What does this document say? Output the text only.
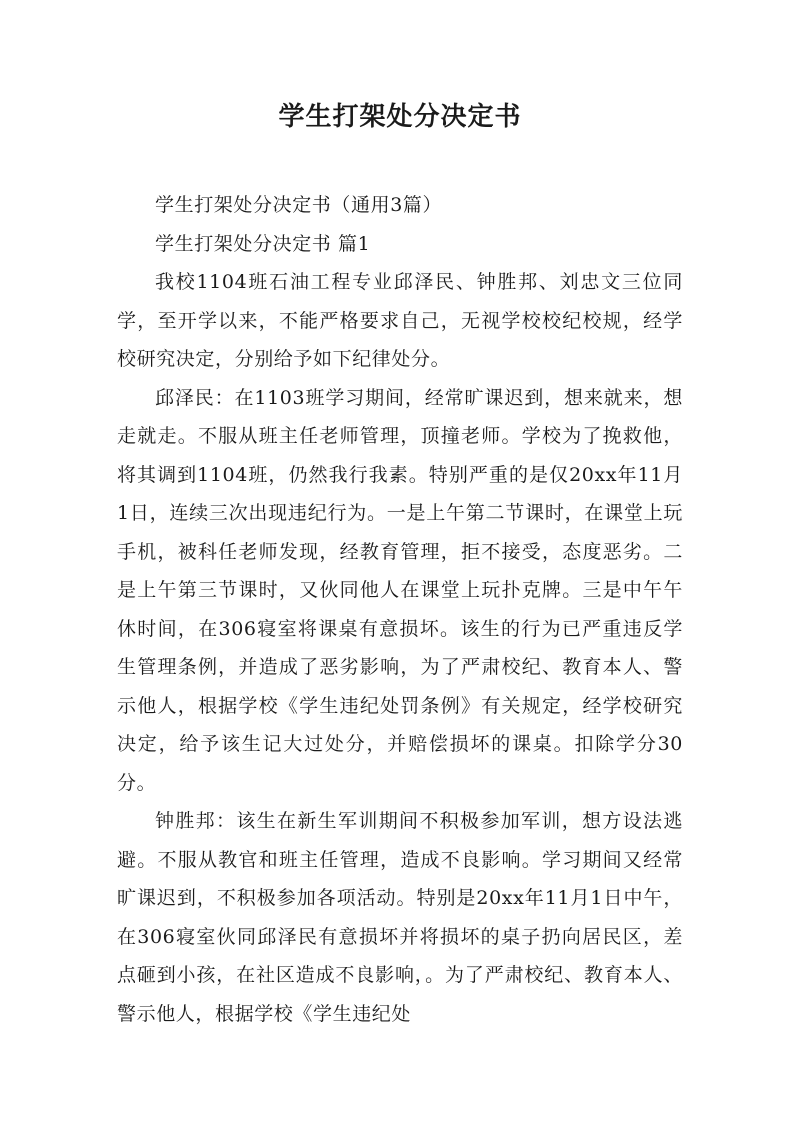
学生打架处分决定书

学生打架处分决定书（通用3篇）

学生打架处分决定书 篇1

我校1104班石油工程专业邱泽民、钟胜邦、刘忠文三位同学，至开学以来，不能严格要求自己，无视学校校纪校规，经学校研究决定，分别给予如下纪律处分。

邱泽民：在1103班学习期间，经常旷课迟到，想来就来，想走就走。不服从班主任老师管理，顶撞老师。学校为了挽救他，将其调到1104班，仍然我行我素。特别严重的是仅20xx年11月1日，连续三次出现违纪行为。一是上午第二节课时，在课堂上玩手机，被科任老师发现，经教育管理，拒不接受，态度恶劣。二是上午第三节课时，又伙同他人在课堂上玩扑克牌。三是中午午休时间，在306寝室将课桌有意损坏。该生的行为已严重违反学生管理条例，并造成了恶劣影响，为了严肃校纪、教育本人、警示他人，根据学校《学生违纪处罚条例》有关规定，经学校研究决定，给予该生记大过处分，并赔偿损坏的课桌。扣除学分30分。

钟胜邦：该生在新生军训期间不积极参加军训，想方设法逃避。不服从教官和班主任管理，造成不良影响。学习期间又经常旷课迟到，不积极参加各项活动。特别是20xx年11月1日中午，在306寝室伙同邱泽民有意损坏并将损坏的桌子扔向居民区，差点砸到小孩，在社区造成不良影响，。为了严肃校纪、教育本人、警示他人，根据学校《学生违纪处
